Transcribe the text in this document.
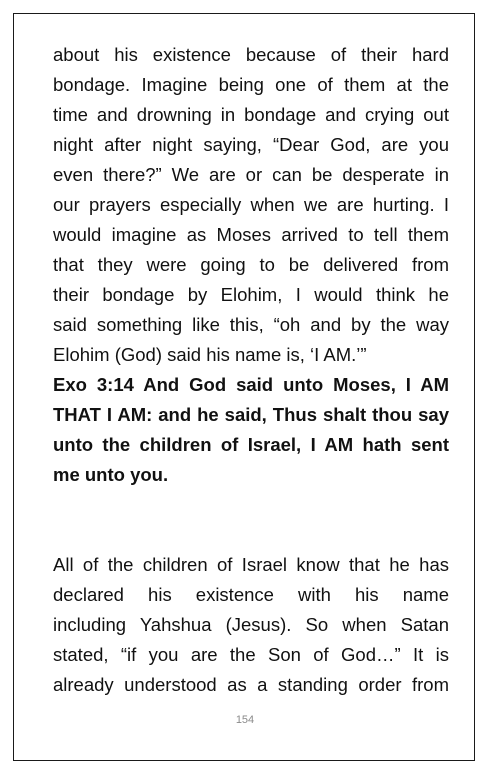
about his existence because of their hard
bondage. Imagine being one of them at the
time and drowning in bondage and crying out
night after night saying, “Dear God, are you
even there?” We are or can be desperate in
our prayers especially when we are hurting. I
would imagine as Moses arrived to tell them
that they were going to be delivered from
their bondage by Elohim, I would think he
said something like this, “oh and by the way
Elohim (God) said his name is, ‘I AM.’”
Exo 3:14 And God said unto Moses, I AM
THAT I AM: and he said, Thus shalt thou say
unto the children of Israel, I AM hath sent
me unto you.
All of the children of Israel know that he has
declared his existence with his name
including Yahshua (Jesus). So when Satan
stated, “if you are the Son of God…” It is
already understood as a standing order from
154
